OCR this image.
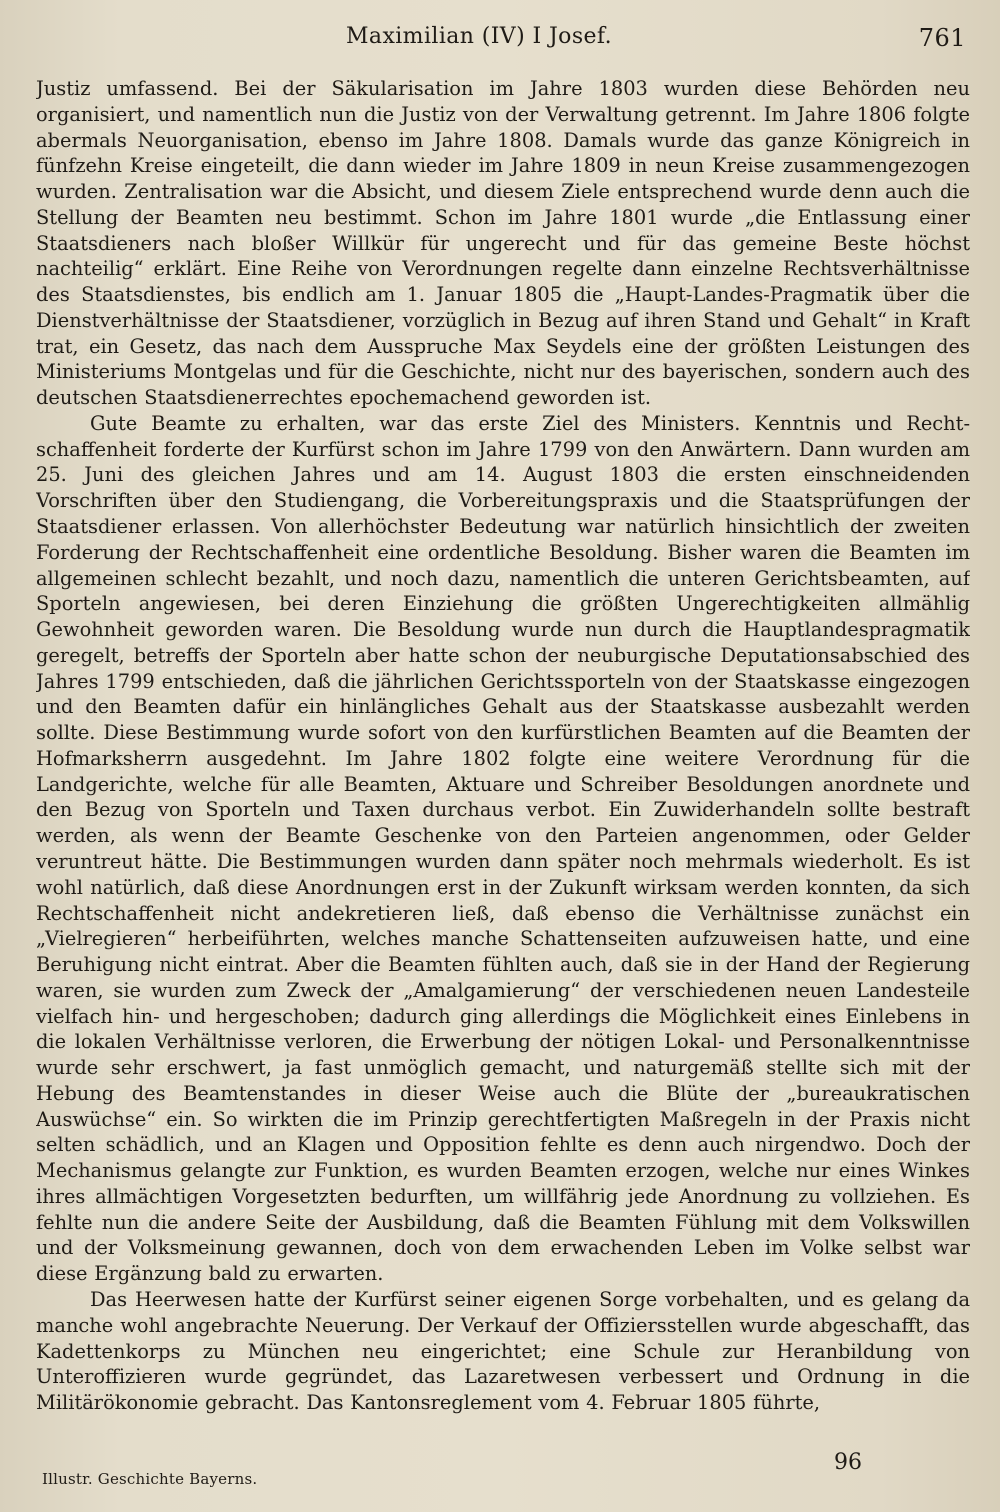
Maximilian (IV) I Josef.	761

Justiz umfassend. Bei der Säkularisation im Jahre 1803 wurden diese Behörden neu organisiert, und namentlich nun die Justiz von der Verwaltung getrennt. Im Jahre 1806 folgte abermals Neuorganisation, ebenso im Jahre 1808. Damals wurde das ganze Königreich in fünfzehn Kreise eingeteilt, die dann wieder im Jahre 1809 in neun Kreise zusammengezogen wurden. Zentralisation war die Absicht, und diesem Ziele entsprechend wurde denn auch die Stellung der Beamten neu bestimmt. Schon im Jahre 1801 wurde „die Entlassung einer Staatsdieners nach bloßer Willkür für ungerecht und für das gemeine Beste höchst nachteilig“ erklärt. Eine Reihe von Verordnungen regelte dann einzelne Rechtsverhältnisse des Staatsdienstes, bis endlich am 1. Januar 1805 die „Haupt-Landes-Pragmatik über die Dienstverhältnisse der Staatsdiener, vorzüglich in Bezug auf ihren Stand und Gehalt“ in Kraft trat, ein Gesetz, das nach dem Ausspruche Max Seydels eine der größten Leistungen des Ministeriums Montgelas und für die Geschichte, nicht nur des bayerischen, sondern auch des deutschen Staatsdienerrechtes epochemachend geworden ist.

Gute Beamte zu erhalten, war das erste Ziel des Ministers. Kenntnis und Rechtschaffenheit forderte der Kurfürst schon im Jahre 1799 von den Anwärtern. Dann wurden am 25. Juni des gleichen Jahres und am 14. August 1803 die ersten einschneidenden Vorschriften über den Studiengang, die Vorbereitungspraxis und die Staatsprüfungen der Staatsdiener erlassen. Von allerhöchster Bedeutung war natürlich hinsichtlich der zweiten Forderung der Rechtschaffenheit eine ordentliche Besoldung. Bisher waren die Beamten im allgemeinen schlecht bezahlt, und noch dazu, namentlich die unteren Gerichtsbeamten, auf Sporteln angewiesen, bei deren Einziehung die größten Ungerechtigkeiten allmählig Gewohnheit geworden waren. Die Besoldung wurde nun durch die Hauptlandespragmatik geregelt, betreffs der Sporteln aber hatte schon der neuburgische Deputationsabschied des Jahres 1799 entschieden, daß die jährlichen Gerichtssporteln von der Staatskasse eingezogen und den Beamten dafür ein hinlängliches Gehalt aus der Staatskasse ausbezahlt werden sollte. Diese Bestimmung wurde sofort von den kurfürstlichen Beamten auf die Beamten der Hofmarksherrn ausgedehnt. Im Jahre 1802 folgte eine weitere Verordnung für die Landgerichte, welche für alle Beamten, Aktuare und Schreiber Besoldungen anordnete und den Bezug von Sporteln und Taxen durchaus verbot. Ein Zuwiderhandeln sollte bestraft werden, als wenn der Beamte Geschenke von den Parteien angenommen, oder Gelder veruntreut hätte. Die Bestimmungen wurden dann später noch mehrmals wiederholt. Es ist wohl natürlich, daß diese Anordnungen erst in der Zukunft wirksam werden konnten, da sich Rechtschaffenheit nicht andekretieren ließ, daß ebenso die Verhältnisse zunächst ein „Vielregieren“ herbeiführten, welches manche Schattenseiten aufzuweisen hatte, und eine Beruhigung nicht eintrat. Aber die Beamten fühlten auch, daß sie in der Hand der Regierung waren, sie wurden zum Zweck der „Amalgamierung“ der verschiedenen neuen Landesteile vielfach hin- und hergeschoben; dadurch ging allerdings die Möglichkeit eines Einlebens in die lokalen Verhältnisse verloren, die Erwerbung der nötigen Lokal- und Personalkenntnisse wurde sehr erschwert, ja fast unmöglich gemacht, und naturgemäß stellte sich mit der Hebung des Beamtenstandes in dieser Weise auch die Blüte der „bureaukratischen Auswüchse“ ein. So wirkten die im Prinzip gerechtfertigten Maßregeln in der Praxis nicht selten schädlich, und an Klagen und Opposition fehlte es denn auch nirgendwo. Doch der Mechanismus gelangte zur Funktion, es wurden Beamten erzogen, welche nur eines Winkes ihres allmächtigen Vorgesetzten bedurften, um willfährig jede Anordnung zu vollziehen. Es fehlte nun die andere Seite der Ausbildung, daß die Beamten Fühlung mit dem Volkswillen und der Volksmeinung gewannen, doch von dem erwachenden Leben im Volke selbst war diese Ergänzung bald zu erwarten.

Das Heerwesen hatte der Kurfürst seiner eigenen Sorge vorbehalten, und es gelang da manche wohl angebrachte Neuerung. Der Verkauf der Offiziersstellen wurde abgeschafft, das Kadettenkorps zu München neu eingerichtet; eine Schule zur Heranbildung von Unteroffizieren wurde gegründet, das Lazaretwesen verbessert und Ordnung in die Militärökonomie gebracht. Das Kantonsreglement vom 4. Februar 1805 führte,

Illustr. Geschichte Bayerns.
96
